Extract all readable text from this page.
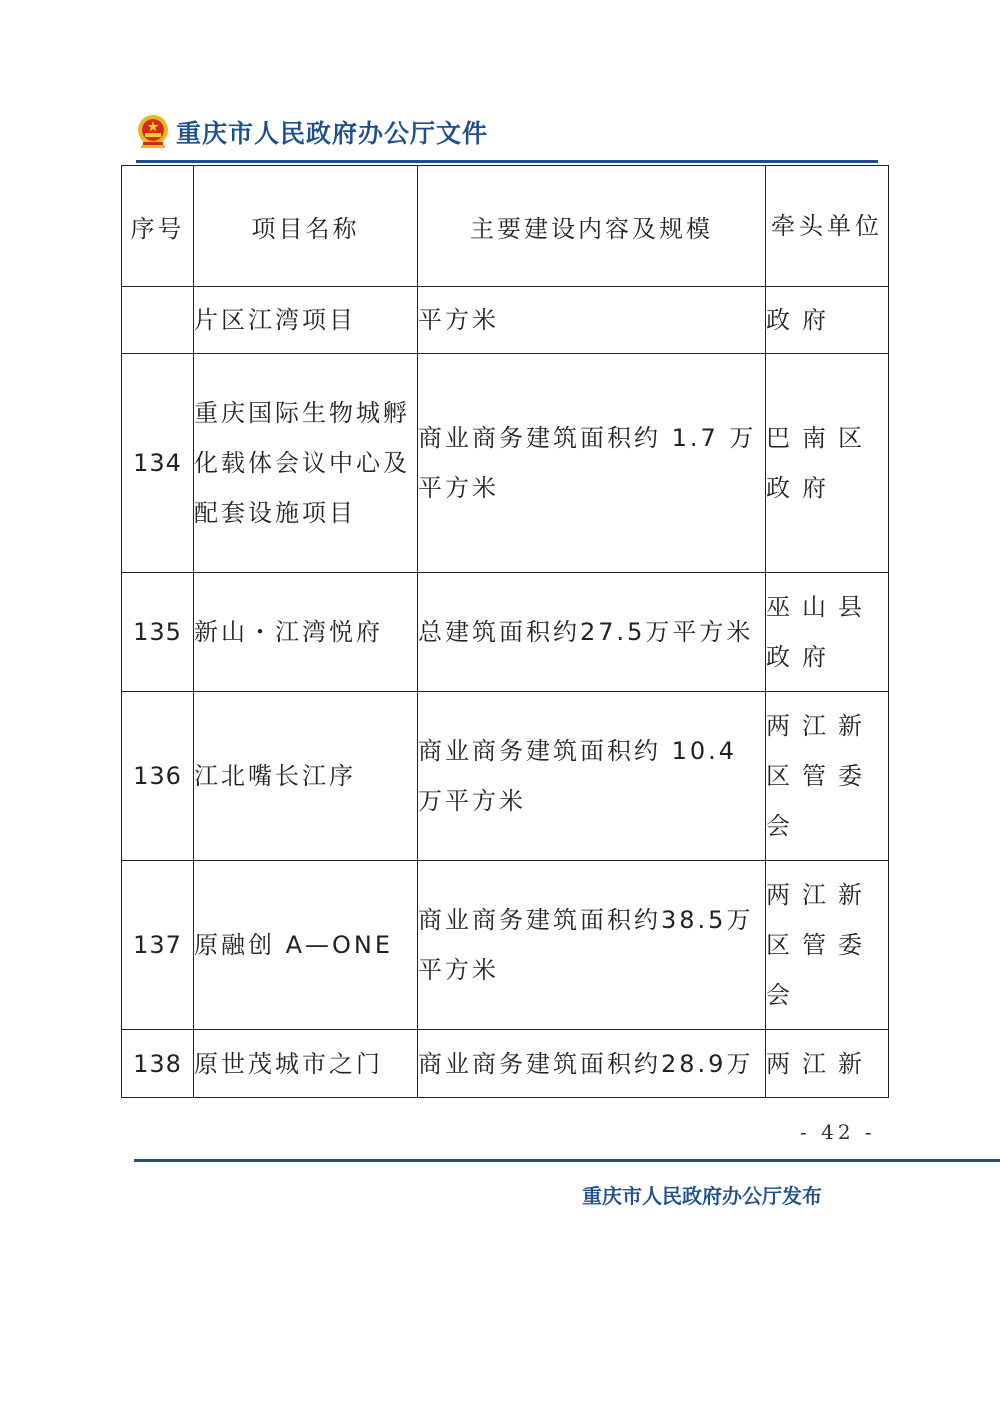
重庆市人民政府办公厅文件
序号	项目名称	主要建设内容及规模	牵头单位
	片区江湾项目	平方米	政府
134	重庆国际生物城孵化载体会议中心及配套设施项目	商业商务建筑面积约 1.7 万平方米	巴南区政府
135	新山・江湾悦府	总建筑面积约27.5万平方米	巫山县政府
136	江北嘴长江序	商业商务建筑面积约 10.4 万平方米	两江新区管委会
137	原融创 A—ONE	商业商务建筑面积约38.5万平方米	两江新区管委会
138	原世茂城市之门	商业商务建筑面积约28.9万	两江新
- 42 -
重庆市人民政府办公厅发布
